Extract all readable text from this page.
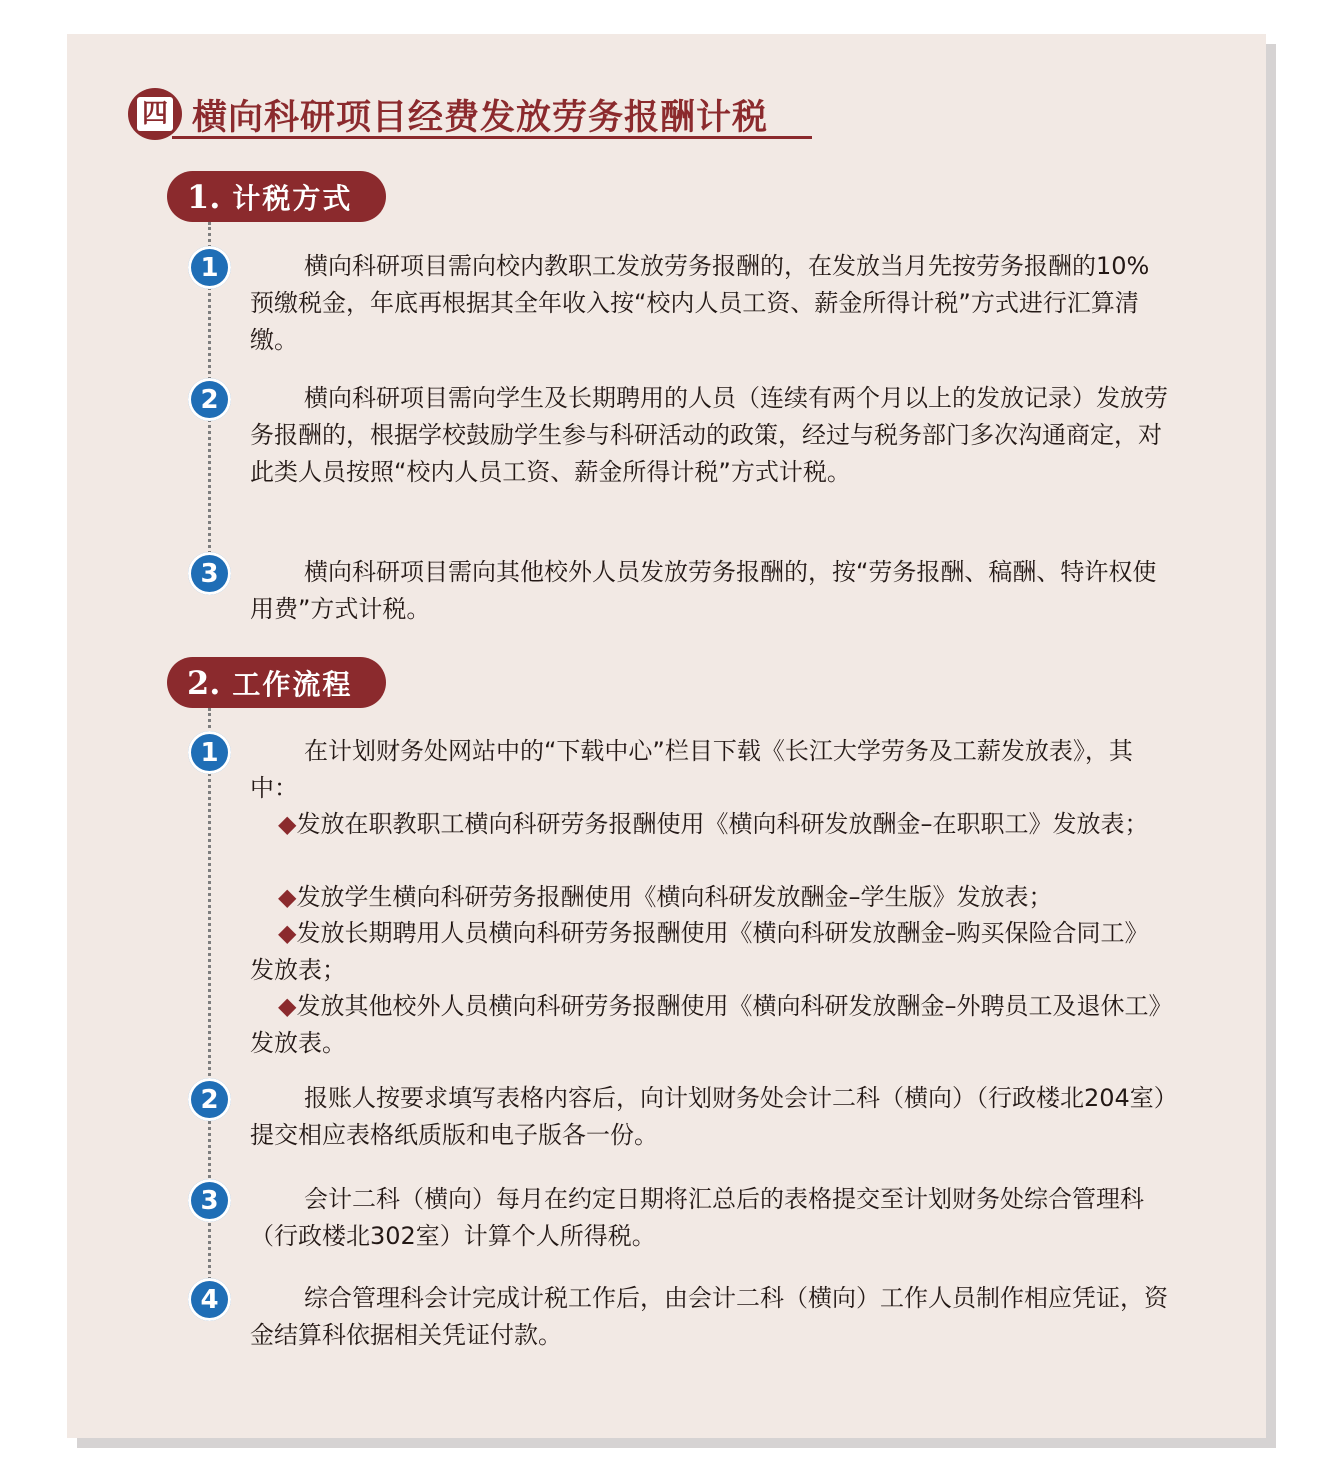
四 横向科研项目经费发放劳务报酬计税
1. 计税方式
1	横向科研项目需向校内教职工发放劳务报酬的，在发放当月先按劳务报酬的10%预缴税金，年底再根据其全年收入按“校内人员工资、薪金所得计税”方式进行汇算清缴。

2	横向科研项目需向学生及长期聘用的人员（连续有两个月以上的发放记录）发放劳务报酬的，根据学校鼓励学生参与科研活动的政策，经过与税务部门多次沟通商定，对此类人员按照“校内人员工资、薪金所得计税”方式计税。

3	横向科研项目需向其他校外人员发放劳务报酬的，按“劳务报酬、稿酬、特许权使用费”方式计税。

2. 工作流程
1	在计划财务处网站中的“下载中心”栏目下载《长江大学劳务及工薪发放表》，其中：

◆发放在职教职工横向科研劳务报酬使用《横向科研发放酬金–在职职工》发放表；

◆发放学生横向科研劳务报酬使用《横向科研发放酬金–学生版》发放表；

◆发放长期聘用人员横向科研劳务报酬使用《横向科研发放酬金–购买保险合同工》发放表；

◆发放其他校外人员横向科研劳务报酬使用《横向科研发放酬金–外聘员工及退休工》发放表。

2	报账人按要求填写表格内容后，向计划财务处会计二科（横向）（行政楼北204室）提交相应表格纸质版和电子版各一份。

3	会计二科（横向）每月在约定日期将汇总后的表格提交至计划财务处综合管理科（行政楼北302室）计算个人所得税。

4	综合管理科会计完成计税工作后，由会计二科（横向）工作人员制作相应凭证，资金结算科依据相关凭证付款。
